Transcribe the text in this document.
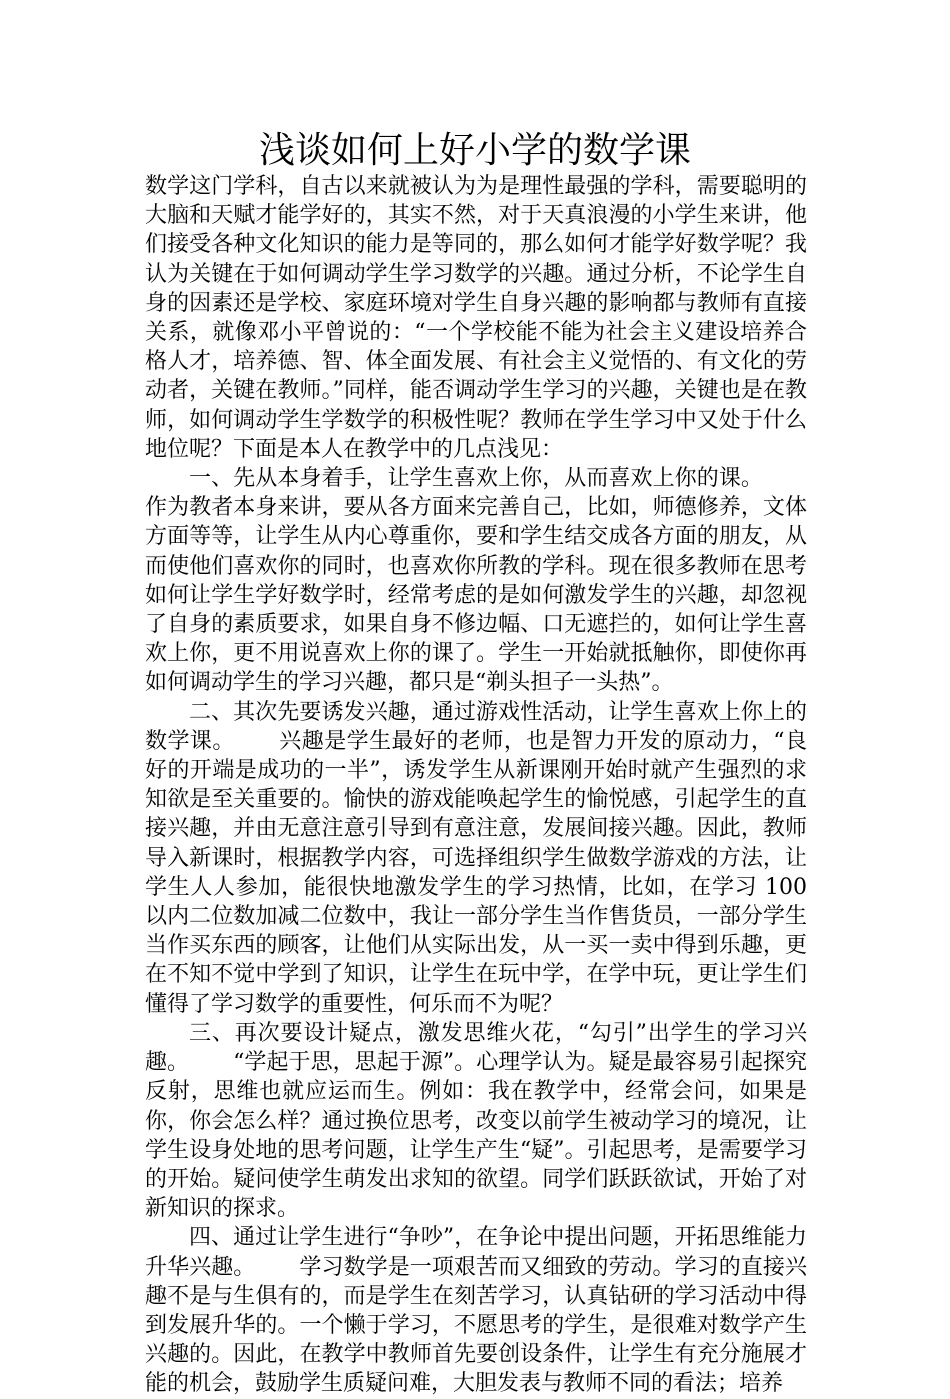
浅谈如何上好小学的数学课

数学这门学科，自古以来就被认为为是理性最强的学科，需要聪明的大脑和天赋才能学好的，其实不然，对于天真浪漫的小学生来讲，他们接受各种文化知识的能力是等同的，那么如何才能学好数学呢？我认为关键在于如何调动学生学习数学的兴趣。通过分析，不论学生自身的因素还是学校、家庭环境对学生自身兴趣的影响都与教师有直接关系，就像邓小平曾说的：“一个学校能不能为社会主义建设培养合格人才，培养德、智、体全面发展、有社会主义觉悟的、有文化的劳动者，关键在教师。”同样，能否调动学生学习的兴趣，关键也是在教师，如何调动学生学数学的积极性呢？教师在学生学习中又处于什么地位呢？下面是本人在教学中的几点浅见：

一、先从本身着手，让学生喜欢上你，从而喜欢上你的课。作为教者本身来讲，要从各方面来完善自己，比如，师德修养，文体方面等等，让学生从内心尊重你，要和学生结交成各方面的朋友，从而使他们喜欢你的同时，也喜欢你所教的学科。现在很多教师在思考如何让学生学好数学时，经常考虑的是如何激发学生的兴趣，却忽视了自身的素质要求，如果自身不修边幅、口无遮拦的，如何让学生喜欢上你，更不用说喜欢上你的课了。学生一开始就抵触你，即使你再如何调动学生的学习兴趣，都只是“剃头担子一头热”。

二、其次先要诱发兴趣，通过游戏性活动，让学生喜欢上你上的数学课。 兴趣是学生最好的老师，也是智力开发的原动力，“良好的开端是成功的一半”，诱发学生从新课刚开始时就产生强烈的求知欲是至关重要的。愉快的游戏能唤起学生的愉悦感，引起学生的直接兴趣，并由无意注意引导到有意注意，发展间接兴趣。因此，教师导入新课时，根据教学内容，可选择组织学生做数学游戏的方法，让学生人人参加，能很快地激发学生的学习热情，比如，在学习 100 以内二位数加减二位数中，我让一部分学生当作售货员，一部分学生当作买东西的顾客，让他们从实际出发，从一买一卖中得到乐趣，更在不知不觉中学到了知识，让学生在玩中学，在学中玩，更让学生们懂得了学习数学的重要性，何乐而不为呢？

三、再次要设计疑点，激发思维火花，“勾引”出学生的学习兴趣。 “学起于思，思起于源”。心理学认为。疑是最容易引起探究反射，思维也就应运而生。例如：我在教学中，经常会问，如果是你，你会怎么样？通过换位思考，改变以前学生被动学习的境况，让学生设身处地的思考问题，让学生产生“疑”。引起思考，是需要学习的开始。疑问使学生萌发出求知的欲望。同学们跃跃欲试，开始了对新知识的探求。

四、通过让学生进行“争吵”，在争论中提出问题，开拓思维能力升华兴趣。 学习数学是一项艰苦而又细致的劳动。学习的直接兴趣不是与生俱有的，而是学生在刻苦学习，认真钻研的学习活动中得到发展升华的。一个懒于学习，不愿思考的学生，是很难对数学产生兴趣的。因此，在教学中教师首先要创设条件，让学生有充分施展才能的机会，鼓励学生质疑问难，大胆发表与教师不同的看法；培养
